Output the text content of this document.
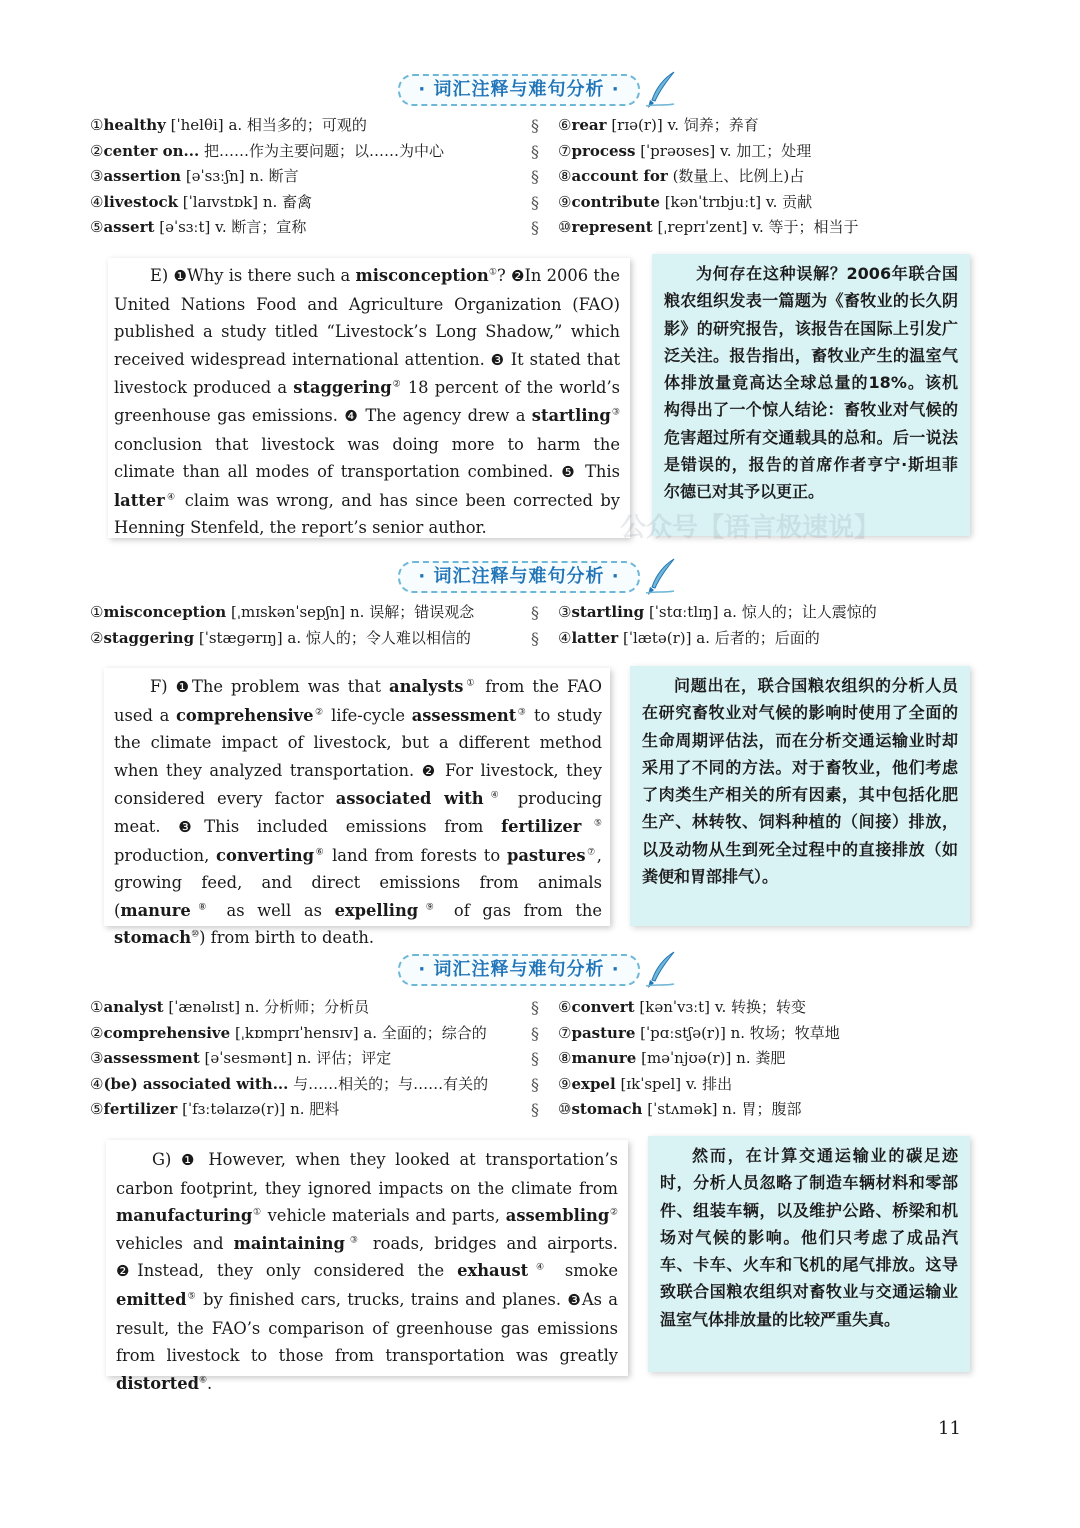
· 词汇注释与难句分析 ·
①healthy [ˈhelθi] a. 相当多的；可观的
②center on... 把……作为主要问题；以……为中心
③assertion [əˈsɜːʃn] n. 断言
④livestock [ˈlaɪvstɒk] n. 畜禽
⑤assert [əˈsɜːt] v. 断言；宣称
§
§
§
§
§
⑥rear [rɪə(r)] v. 饲养；养育
⑦process [ˈprəʊses] v. 加工；处理
⑧account for (数量上、比例上)占
⑨contribute [kənˈtrɪbjuːt] v. 贡献
⑩represent [ˌreprɪˈzent] v. 等于；相当于

E) ❶Why is there such a misconception①? ❷In 2006 the United Nations Food and Agriculture Organization (FAO) published a study titled “Livestock’s Long Shadow,” which received widespread international attention. ❸ It stated that livestock produced a staggering② 18 percent of the world’s greenhouse gas emissions. ❹ The agency drew a startling③ conclusion that livestock was doing more to harm the climate than all modes of transportation combined. ❺ This latter④ claim was wrong, and has since been corrected by Henning Stenfeld, the report’s senior author.

为何存在这种误解？2006年联合国粮农组织发表一篇题为《畜牧业的长久阴影》的研究报告，该报告在国际上引发广泛关注。报告指出，畜牧业产生的温室气体排放量竟高达全球总量的18%。该机构得出了一个惊人结论：畜牧业对气候的危害超过所有交通载具的总和。后一说法是错误的，报告的首席作者亨宁·斯坦菲尔德已对其予以更正。

公众号【语言极速说】
· 词汇注释与难句分析 ·
①misconception [ˌmɪskənˈsepʃn] n. 误解；错误观念
②staggering [ˈstæɡərɪŋ] a. 惊人的；令人难以相信的
§
§
③startling [ˈstɑːtlɪŋ] a. 惊人的；让人震惊的
④latter [ˈlætə(r)] a. 后者的；后面的

F) ❶The problem was that analysts① from the FAO used a comprehensive② life-cycle assessment③ to study the climate impact of livestock, but a different method when they analyzed transportation. ❷ For livestock, they considered every factor associated with④ producing meat. ❸This included emissions from fertilizer⑤ production, converting⑥ land from forests to pastures⑦, growing feed, and direct emissions from animals (manure⑧ as well as expelling⑨ of gas from the stomach⑩) from birth to death.

问题出在，联合国粮农组织的分析人员在研究畜牧业对气候的影响时使用了全面的生命周期评估法，而在分析交通运输业时却采用了不同的方法。对于畜牧业，他们考虑了肉类生产相关的所有因素，其中包括化肥生产、林转牧、饲料种植的（间接）排放，以及动物从生到死全过程中的直接排放（如粪便和胃部排气）。

· 词汇注释与难句分析 ·
①analyst [ˈænəlɪst] n. 分析师；分析员
②comprehensive [ˌkɒmprɪˈhensɪv] a. 全面的；综合的
③assessment [əˈsesmənt] n. 评估；评定
④(be) associated with... 与……相关的；与……有关的
⑤fertilizer [ˈfɜːtəlaɪzə(r)] n. 肥料
§
§
§
§
§
⑥convert [kənˈvɜːt] v. 转换；转变
⑦pasture [ˈpɑːstʃə(r)] n. 牧场；牧草地
⑧manure [məˈnjʊə(r)] n. 粪肥
⑨expel [ɪkˈspel] v. 排出
⑩stomach [ˈstʌmək] n. 胃；腹部

G) ❶ However, when they looked at transportation’s carbon footprint, they ignored impacts on the climate from manufacturing① vehicle materials and parts, assembling② vehicles and maintaining③ roads, bridges and airports. ❷Instead, they only considered the exhaust④ smoke emitted⑤ by finished cars, trucks, trains and planes. ❸As a result, the FAO’s comparison of greenhouse gas emissions from livestock to those from transportation was greatly distorted⑥.

然而，在计算交通运输业的碳足迹时，分析人员忽略了制造车辆材料和零部件、组装车辆，以及维护公路、桥梁和机场对气候的影响。他们只考虑了成品汽车、卡车、火车和飞机的尾气排放。这导致联合国粮农组织对畜牧业与交通运输业温室气体排放量的比较严重失真。

11
